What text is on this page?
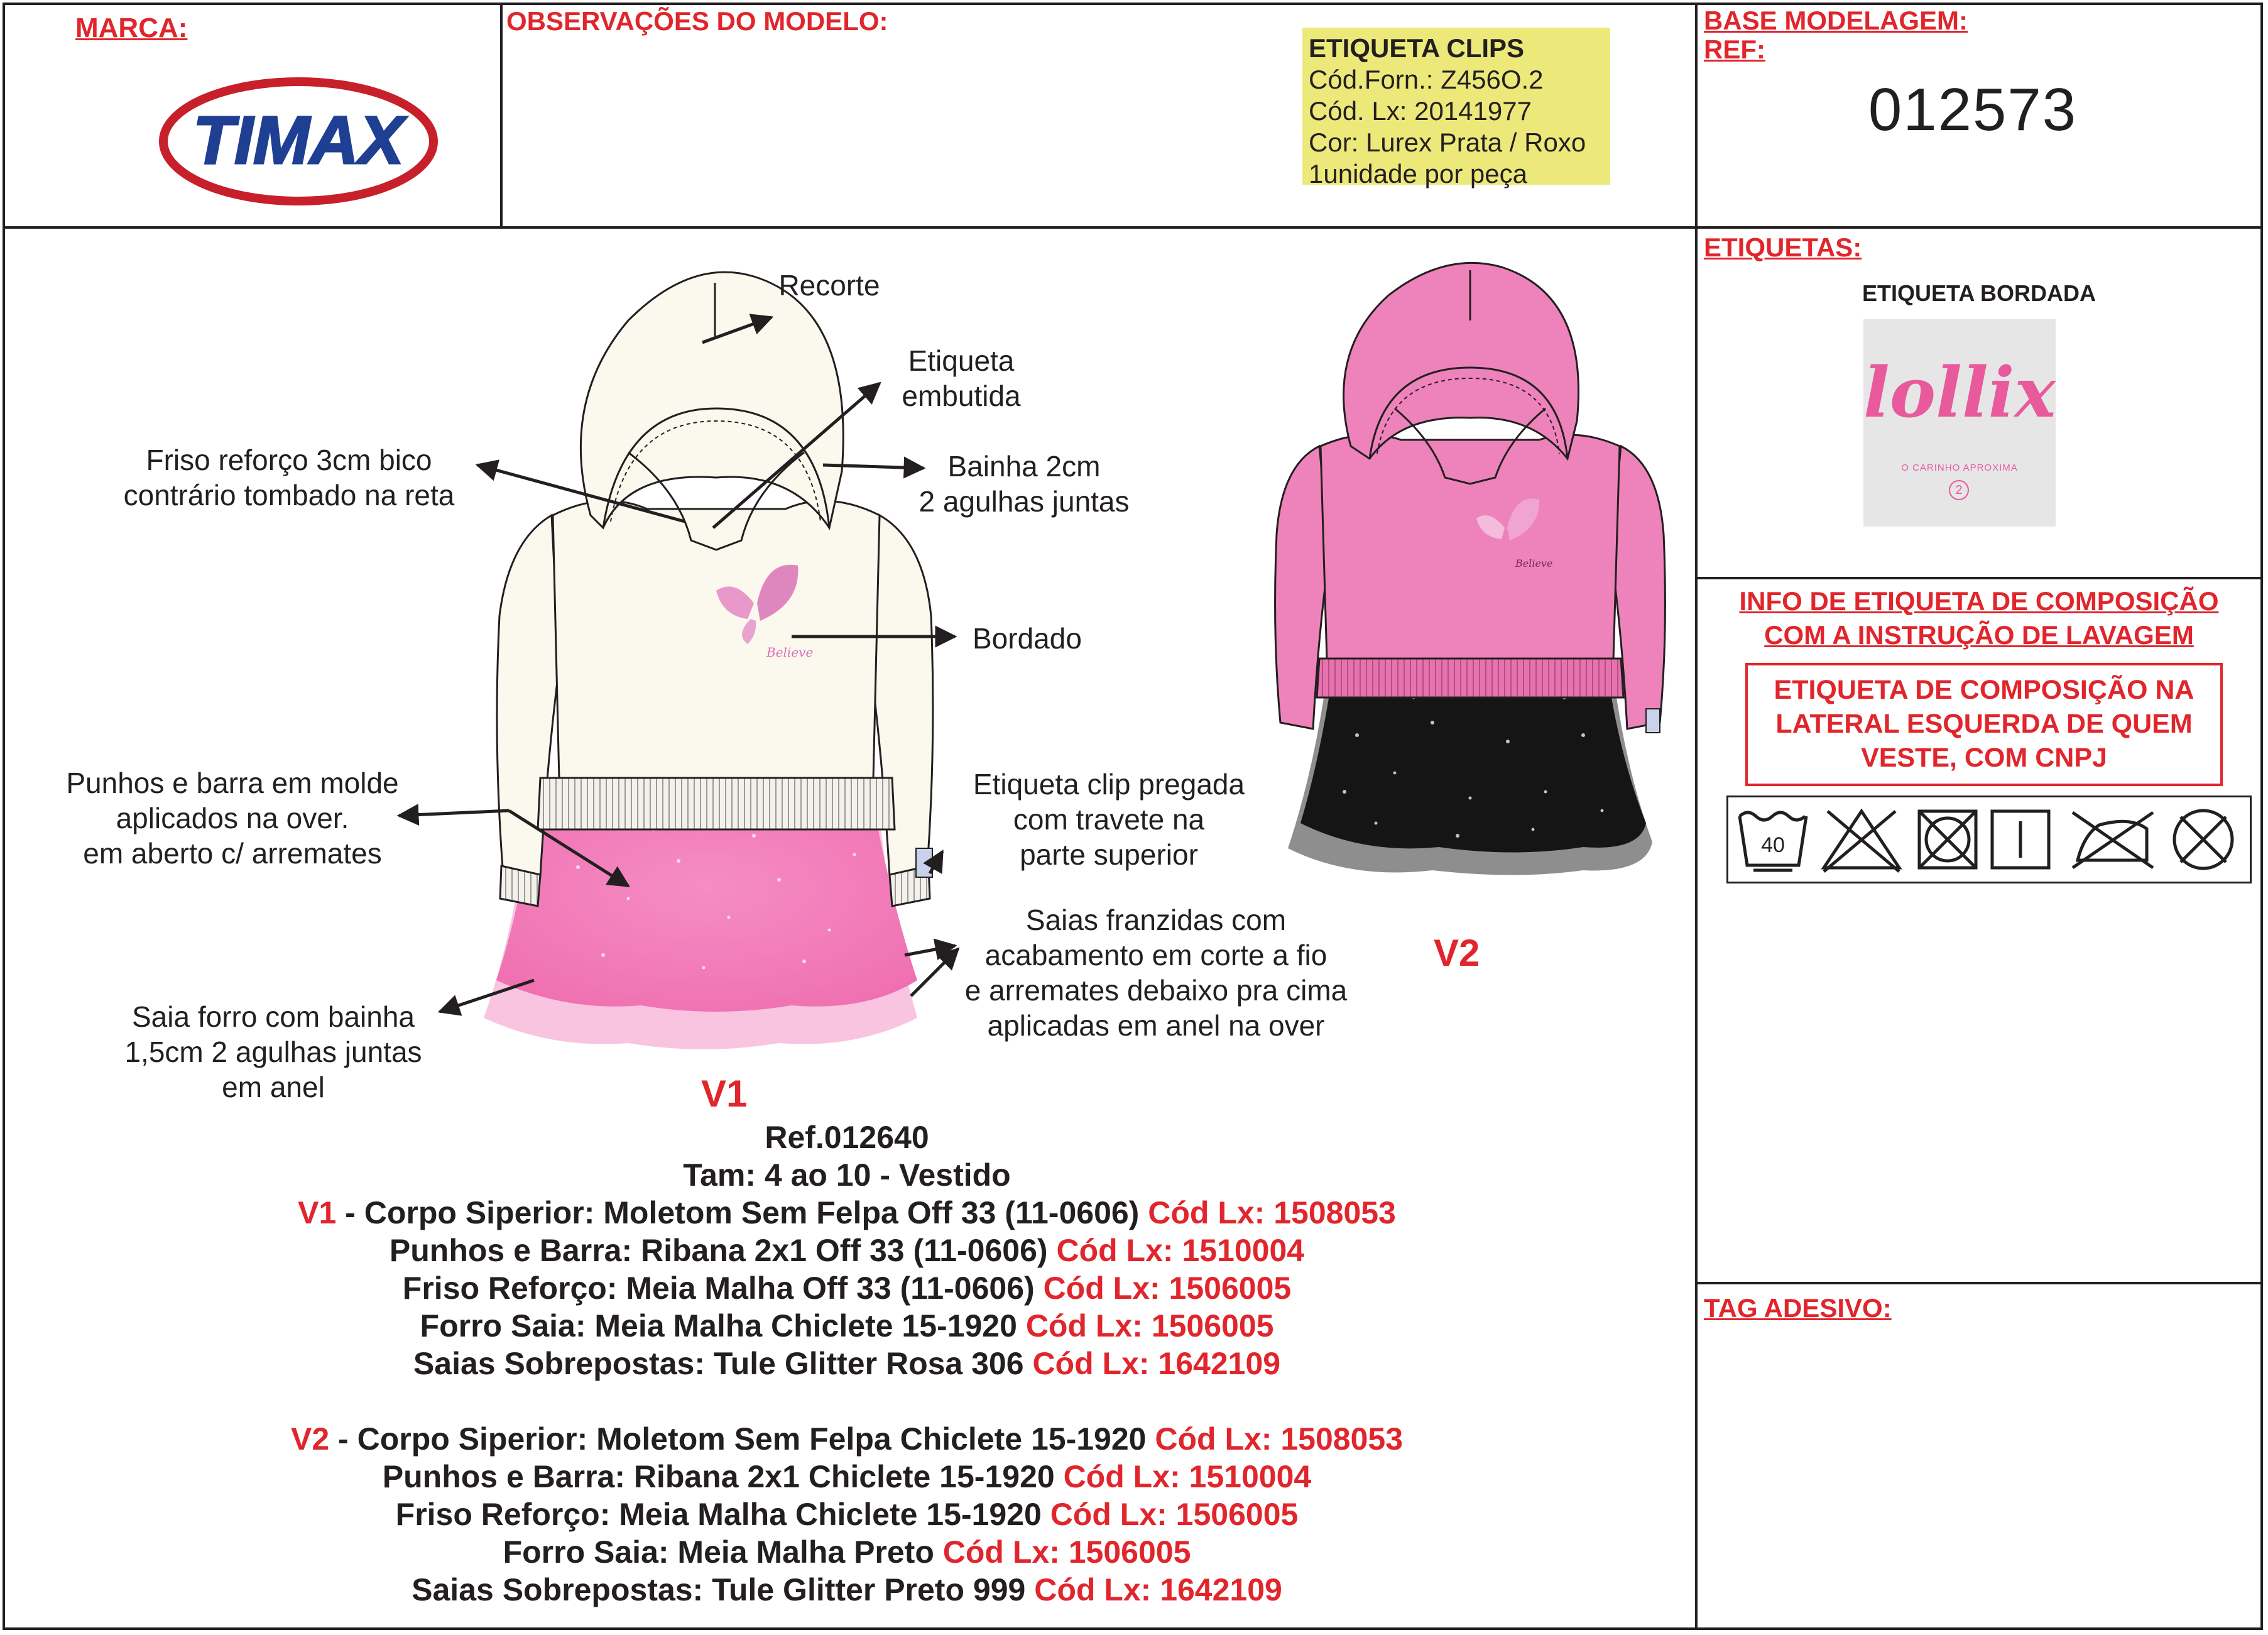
MARCA:
TIMAX
OBSERVAÇÕES DO MODELO:
ETIQUETA CLIPS
Cód.Forn.: Z456O.2
Cód. Lx: 20141977
Cor: Lurex Prata / Roxo
1unidade por peça
BASE MODELAGEM:
REF:
012573
ETIQUETAS:
ETIQUETA BORDADA
lollix
O CARINHO APROXIMA
2
INFO DE ETIQUETA DE COMPOSIÇÃO
COM A INSTRUÇÃO DE LAVAGEM
ETIQUETA DE COMPOSIÇÃO NA
LATERAL ESQUERDA DE QUEM
VESTE, COM CNPJ
40
TAG ADESIVO:
Believe
Believe
Recorte
Etiqueta
embutida
Friso reforço 3cm bico
contrário tombado na reta
Bainha 2cm
2 agulhas juntas
Bordado
Punhos e barra em molde
aplicados na over.
em aberto c/ arremates
Etiqueta clip pregada
com travete na
parte superior
Saias franzidas com
acabamento em corte a fio
e arremates debaixo pra cima
aplicadas em anel na over
Saia forro com bainha
1,5cm 2 agulhas juntas
em anel	V1
V2
Ref.012640
Tam: 4 ao 10 - Vestido
V1 - Corpo Siperior: Moletom Sem Felpa Off 33 (11-0606) Cód Lx: 1508053
Punhos e Barra: Ribana 2x1 Off 33 (11-0606) Cód Lx: 1510004
Friso Reforço: Meia Malha Off 33 (11-0606) Cód Lx: 1506005
Forro Saia: Meia Malha Chiclete 15-1920 Cód Lx: 1506005
Saias Sobrepostas: Tule Glitter Rosa 306 Cód Lx: 1642109
V2 - Corpo Siperior: Moletom Sem Felpa Chiclete 15-1920 Cód Lx: 1508053
Punhos e Barra: Ribana 2x1 Chiclete 15-1920 Cód Lx: 1510004
Friso Reforço: Meia Malha Chiclete 15-1920 Cód Lx: 1506005
Forro Saia: Meia Malha Preto Cód Lx: 1506005
Saias Sobrepostas: Tule Glitter Preto 999 Cód Lx: 1642109
